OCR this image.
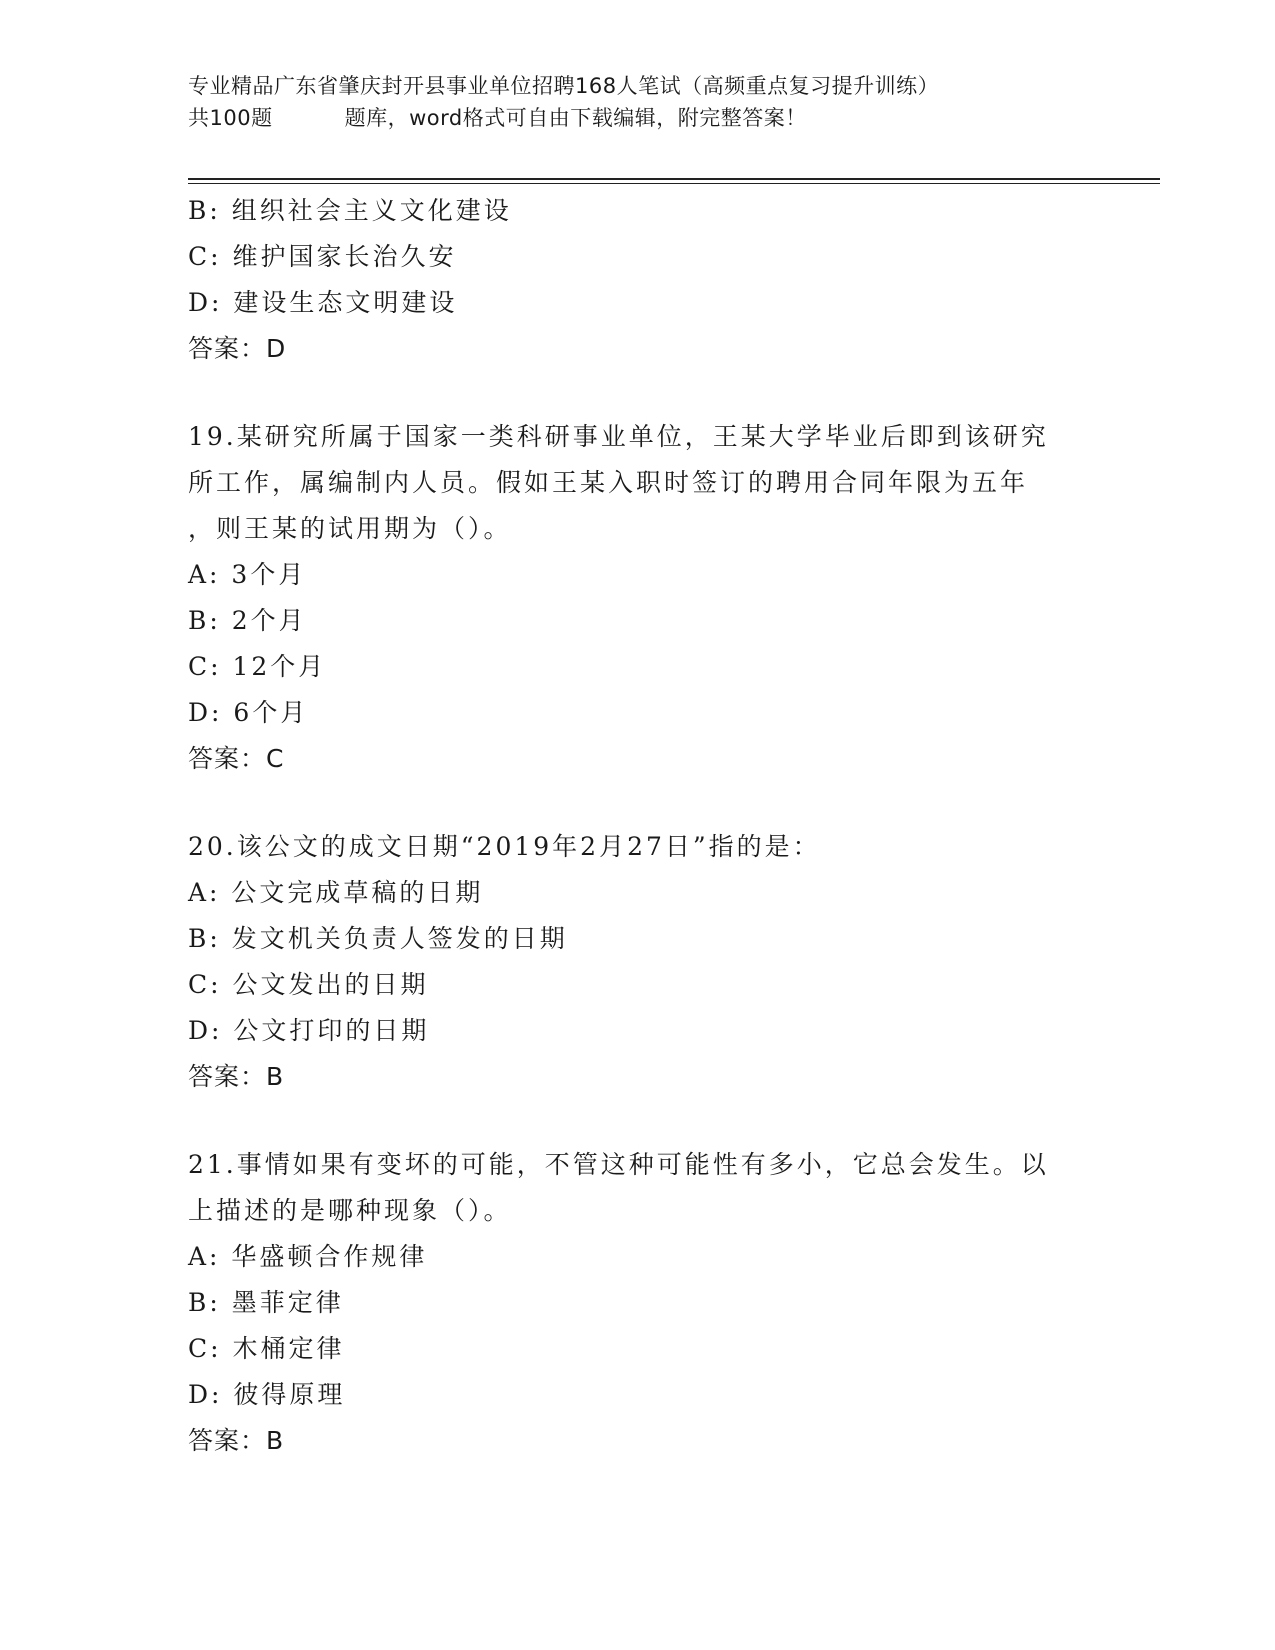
专业精品广东省肇庆封开县事业单位招聘168人笔试（高频重点复习提升训练）
共100题	题库，word格式可自由下载编辑，附完整答案！
B: 组织社会主义文化建设
C: 维护国家长治久安
D: 建设生态文明建设
答案：D
19.某研究所属于国家一类科研事业单位，王某大学毕业后即到该研究
所工作，属编制内人员。假如王某入职时签订的聘用合同年限为五年
，则王某的试用期为（）。
A: 3个月
B: 2个月
C: 12个月
D: 6个月
答案：C
20.该公文的成文日期“2019年2月27日”指的是：
A: 公文完成草稿的日期
B: 发文机关负责人签发的日期
C: 公文发出的日期
D: 公文打印的日期
答案：B
21.事情如果有变坏的可能，不管这种可能性有多小，它总会发生。以
上描述的是哪种现象（）。
A: 华盛顿合作规律
B: 墨菲定律
C: 木桶定律
D: 彼得原理
答案：B
